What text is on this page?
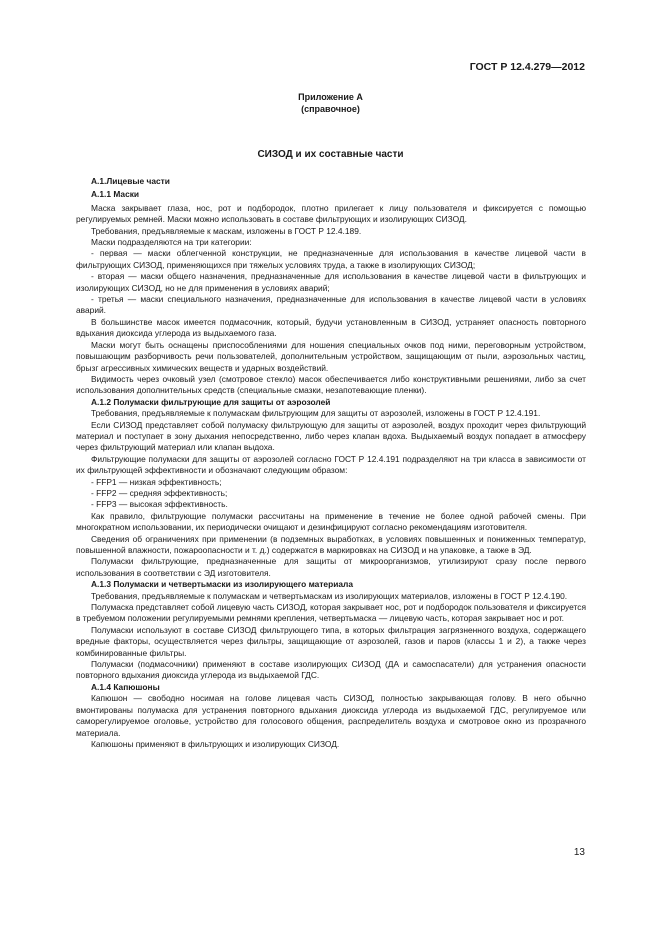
ГОСТ Р 12.4.279—2012
Приложение А
(справочное)
СИЗОД и их составные части

А.1.Лицевые части

А.1.1 Маски

Маска закрывает глаза, нос, рот и подбородок, плотно прилегает к лицу пользователя и фиксируется с помощью регулируемых ремней. Маски можно использовать в составе фильтрующих и изолирующих СИЗОД.

Требования, предъявляемые к маскам, изложены в ГОСТ Р 12.4.189.

Маски подразделяются на три категории:

- первая — маски облегченной конструкции, не предназначенные для использования в качестве лицевой части в фильтрующих СИЗОД, применяющихся при тяжелых условиях труда, а также в изолирующих СИЗОД;

- вторая — маски общего назначения, предназначенные для использования в качестве лицевой части в фильтрующих и изолирующих СИЗОД, но не для применения в условиях аварий;

- третья — маски специального назначения, предназначенные для использования в качестве лицевой части в условиях аварий.

В большинстве масок имеется подмасочник, который, будучи установленным в СИЗОД, устраняет опасность повторного вдыхания диоксида углерода из выдыхаемого газа.

Маски могут быть оснащены приспособлениями для ношения специальных очков под ними, переговорным устройством, повышающим разборчивость речи пользователей, дополнительным устройством, защищающим от пыли, аэрозольных частиц, брызг агрессивных химических веществ и ударных воздействий.

Видимость через очковый узел (смотровое стекло) масок обеспечивается либо конструктивными решениями, либо за счет использования дополнительных средств (специальные смазки, незапотевающие пленки).

А.1.2 Полумаски фильтрующие для защиты от аэрозолей

Требования, предъявляемые к полумаскам фильтрующим для защиты от аэрозолей, изложены в ГОСТ Р 12.4.191.

Если СИЗОД представляет собой полумаску фильтрующую для защиты от аэрозолей, воздух проходит через фильтрующий материал и поступает в зону дыхания непосредственно, либо через клапан вдоха. Выдыхаемый воздух попадает в атмосферу через фильтрующий материал или клапан выдоха.

Фильтрующие полумаски для защиты от аэрозолей согласно ГОСТ Р 12.4.191 подразделяют на три класса в зависимости от их фильтрующей эффективности и обозначают следующим образом:

- FFP1 — низкая эффективность;

- FFP2 — средняя эффективность;

- FFP3 — высокая эффективность.

Как правило, фильтрующие полумаски рассчитаны на применение в течение не более одной рабочей смены. При многократном использовании, их периодически очищают и дезинфицируют согласно рекомендациям изготовителя.

Сведения об ограничениях при применении (в подземных выработках, в условиях повышенных и пониженных температур, повышенной влажности, пожароопасности и т. д.) содержатся в маркировках на СИЗОД и на упаковке, а также в ЭД.

Полумаски фильтрующие, предназначенные для защиты от микроорганизмов, утилизируют сразу после первого использования в соответствии с ЭД изготовителя.

А.1.3 Полумаски и четвертьмаски из изолирующего материала

Требования, предъявляемые к полумаскам и четвертьмаскам из изолирующих материалов, изложены в ГОСТ Р 12.4.190.

Полумаска представляет собой лицевую часть СИЗОД, которая закрывает нос, рот и подбородок пользователя и фиксируется в требуемом положении регулируемыми ремнями крепления, четвертьмаска — лицевую часть, которая закрывает нос и рот.

Полумаски используют в составе СИЗОД фильтрующего типа, в которых фильтрация загрязненного воздуха, содержащего вредные факторы, осуществляется через фильтры, защищающие от аэрозолей, газов и паров (классы 1 и 2), а также через комбинированные фильтры.

Полумаски (подмасочники) применяют в составе изолирующих СИЗОД (ДА и самоспасатели) для устранения опасности повторного вдыхания диоксида углерода из выдыхаемой ГДС.

А.1.4 Капюшоны

Капюшон — свободно носимая на голове лицевая часть СИЗОД, полностью закрывающая голову. В него обычно вмонтированы полумаска для устранения повторного вдыхания диоксида углерода из выдыхаемой ГДС, регулируемое или саморегулируемое оголовье, устройство для голосового общения, распределитель воздуха и смотровое окно из прозрачного материала.

Капюшоны применяют в фильтрующих и изолирующих СИЗОД.

13
